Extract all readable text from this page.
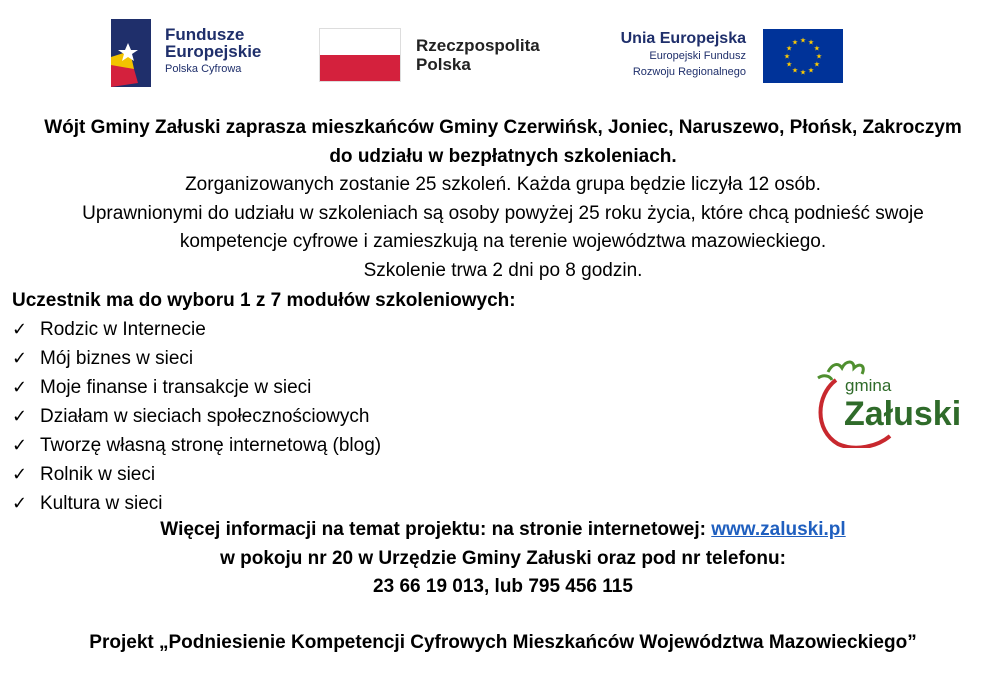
Fundusze
Europejskie
Polska Cyfrowa
Rzeczpospolita
Polska
Unia Europejska
Europejski Fundusz
Rozwoju Regionalnego
★ ★
★
★
★
★
★
★
★
★
★
★
Wójt Gminy Załuski zaprasza mieszkańców Gminy Czerwińsk, Joniec, Naruszewo, Płońsk, Zakroczym
do udziału w bezpłatnych szkoleniach.
Zorganizowanych zostanie 25 szkoleń. Każda grupa będzie liczyła 12 osób.
Uprawnionymi do udziału w szkoleniach są osoby powyżej 25 roku życia, które chcą podnieść swoje
kompetencje cyfrowe i zamieszkują na terenie województwa mazowieckiego.
Szkolenie trwa 2 dni po 8 godzin.
Uczestnik ma do wyboru 1 z 7 modułów szkoleniowych:
✓ Rodzic w Internecie
✓ Mój biznes w sieci
✓ Moje finanse i transakcje w sieci
✓ Działam w sieciach społecznościowych
✓ Tworzę własną stronę internetową (blog)
✓ Rolnik w sieci
✓ Kultura w sieci
gmina
Załuski
Więcej informacji na temat projektu: na stronie internetowej: www.zaluski.pl
w pokoju nr 20 w Urzędzie Gminy Załuski oraz pod nr telefonu:
23 66 19 013, lub 795 456 115
Projekt „Podniesienie Kompetencji Cyfrowych Mieszkańców Województwa Mazowieckiego”
